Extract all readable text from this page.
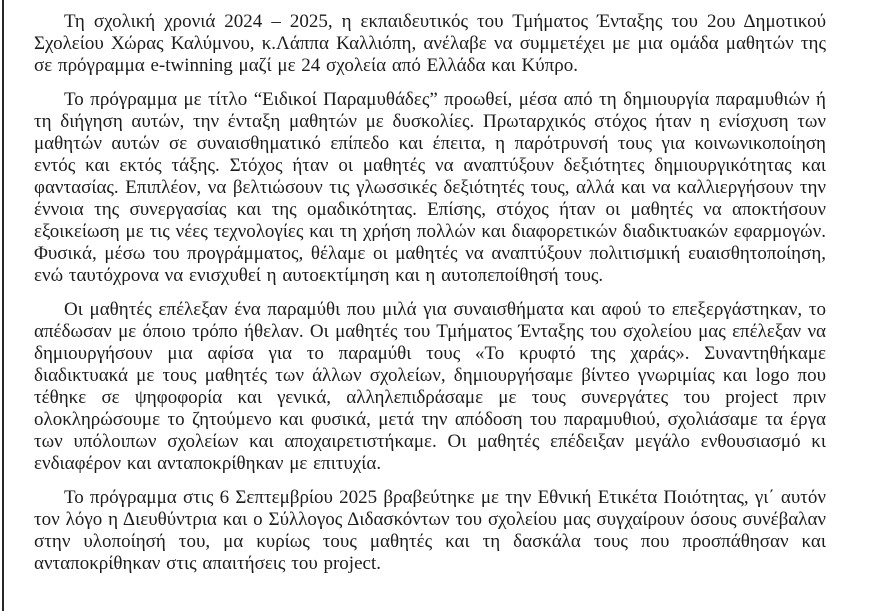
Τη σχολική χρονιά 2024 – 2025, η εκπαιδευτικός του Τμήματος Ένταξης του 2ου Δημοτικού Σχολείου Χώρας Καλύμνου, κ.Λάππα Καλλιόπη, ανέλαβε να συμμετέχει με μια ομάδα μαθητών της σε πρόγραμμα e-twinning μαζί με 24 σχολεία από Ελλάδα και Κύπρο.

Το πρόγραμμα με τίτλο “Ειδικοί Παραμυθάδες” προωθεί, μέσα από τη δημιουργία παραμυθιών ή τη διήγηση αυτών, την ένταξη μαθητών με δυσκολίες. Πρωταρχικός στόχος ήταν η ενίσχυση των μαθητών αυτών σε συναισθηματικό επίπεδο και έπειτα, η παρότρυνσή τους για κοινωνικοποίηση εντός και εκτός τάξης. Στόχος ήταν οι μαθητές να αναπτύξουν δεξιότητες δημιουργικότητας και φαντασίας. Επιπλέον, να βελτιώσουν τις γλωσσικές δεξιότητές τους, αλλά και να καλλιεργήσουν την έννοια της συνεργασίας και της ομαδικότητας. Επίσης, στόχος ήταν οι μαθητές να αποκτήσουν εξοικείωση με τις νέες τεχνολογίες και τη χρήση πολλών και διαφορετικών διαδικτυακών εφαρμογών. Φυσικά, μέσω του προγράμματος, θέλαμε οι μαθητές να αναπτύξουν πολιτισμική ευαισθητοποίηση, ενώ ταυτόχρονα να ενισχυθεί η αυτοεκτίμηση και η αυτοπεποίθησή τους.

Οι μαθητές επέλεξαν ένα παραμύθι που μιλά για συναισθήματα και αφού το επεξεργάστηκαν, το απέδωσαν με όποιο τρόπο ήθελαν. Οι μαθητές του Τμήματος Ένταξης του σχολείου μας επέλεξαν να δημιουργήσουν μια αφίσα για το παραμύθι τους «Το κρυφτό της χαράς». Συναντηθήκαμε διαδικτυακά με τους μαθητές των άλλων σχολείων, δημιουργήσαμε βίντεο γνωριμίας και logo που τέθηκε σε ψηφοφορία και γενικά, αλληλεπιδράσαμε με τους συνεργάτες του project πριν ολοκληρώσουμε το ζητούμενο και φυσικά, μετά την απόδοση του παραμυθιού, σχολιάσαμε τα έργα των υπόλοιπων σχολείων και αποχαιρετιστήκαμε. Οι μαθητές επέδειξαν μεγάλο ενθουσιασμό κι ενδιαφέρον και ανταποκρίθηκαν με επιτυχία.

Το πρόγραμμα στις 6 Σεπτεμβρίου 2025 βραβεύτηκε με την Εθνική Ετικέτα Ποιότητας, γι΄ αυτόν τον λόγο η Διευθύντρια και ο Σύλλογος Διδασκόντων του σχολείου μας συγχαίρουν όσους συνέβαλαν στην υλοποίησή του, μα κυρίως τους μαθητές και τη δασκάλα τους που προσπάθησαν και ανταποκρίθηκαν στις απαιτήσεις του project.
